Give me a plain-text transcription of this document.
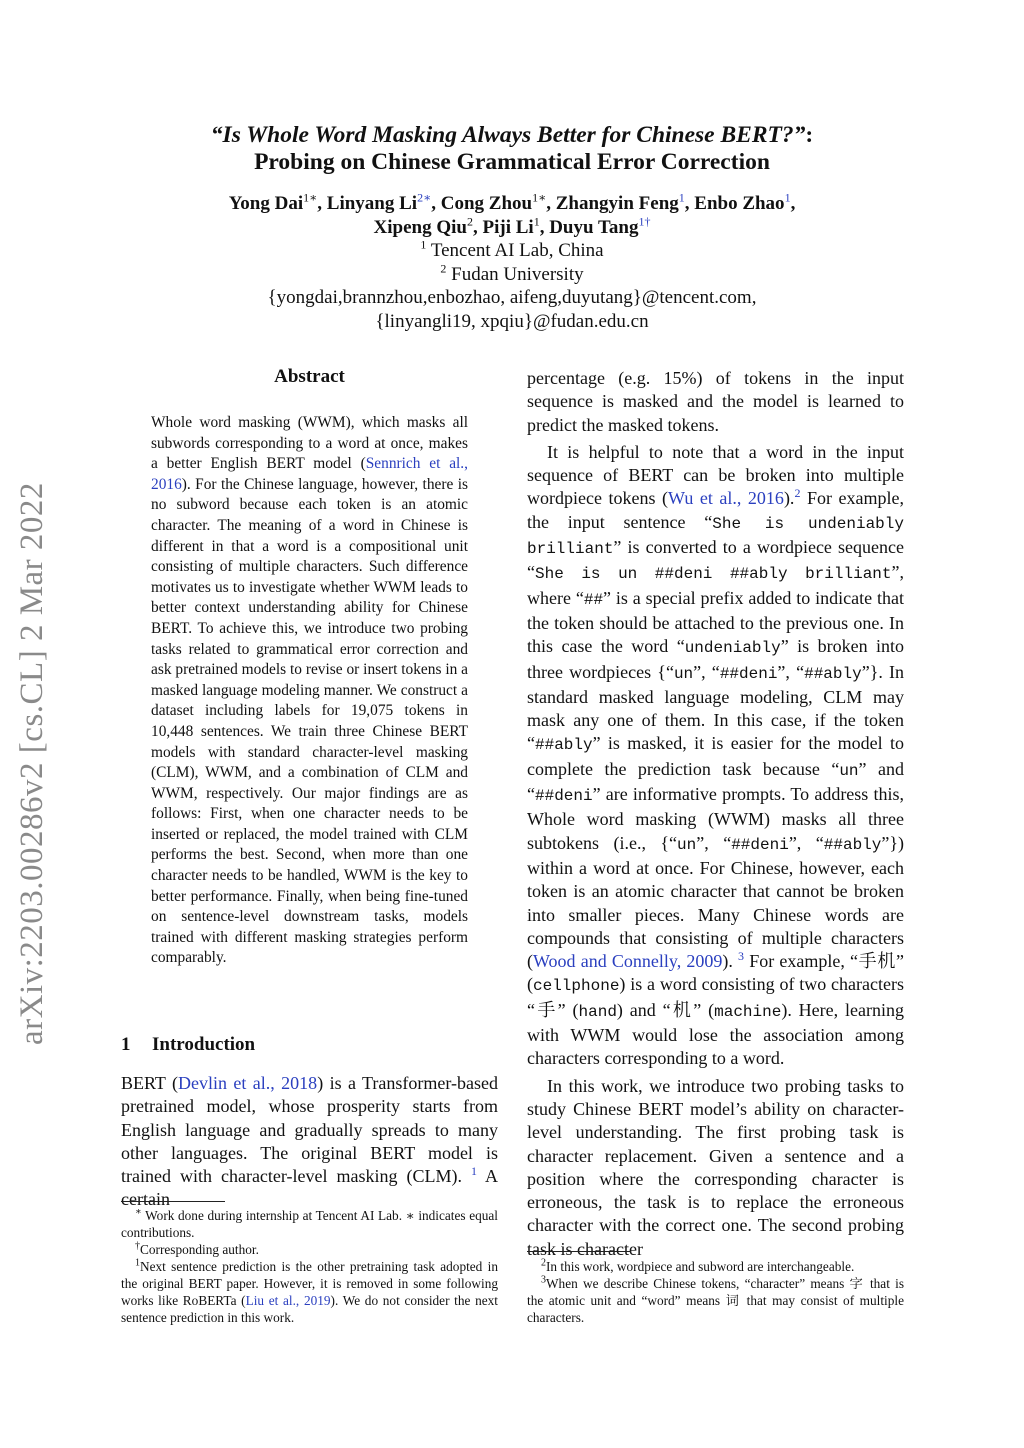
arXiv:2203.00286v2 [cs.CL] 2 Mar 2022
“Is Whole Word Masking Always Better for Chinese BERT?”:
Probing on Chinese Grammatical Error Correction
Yong Dai$^{1∗}$, Linyang $Li^{2∗}$, Cong Zhou$^{1∗}$, Zhangyin Feng$^1$, Enbo Zhao$^1$,
Xipeng Qiu$^2$, Piji Li$^1$, Duyu Tang$^{1\dagger}$
$^1$ Tencent AI Lab, China
$^2$ Fudan University
{yongdai,brannzhou,enbozhao, aifeng,duyutang}@tencent.com,
{linyangli19, xpqiu}@fudan.edu.cn
Abstract
Whole word masking (WWM), which masks all subwords corresponding to a word at once, makes a better English BERT model (Sennrich et al., 2016). For the Chinese language, however, there is no subword because each token is an atomic character. The meaning of a word in Chinese is different in that a word is a compositional unit consisting of multiple characters. Such difference motivates us to investigate whether WWM leads to better context understanding ability for Chinese BERT. To achieve this, we introduce two probing tasks related to grammatical error correction and ask pretrained models to revise or insert tokens in a masked language modeling manner. We construct a dataset including labels for 19,075 tokens in 10,448 sentences. We train three Chinese BERT models with standard character-level masking (CLM), WWM, and a combination of CLM and WWM, respectively. Our major findings are as follows: First, when one character needs to be inserted or replaced, the model trained with CLM performs the best. Second, when more than one character needs to be handled, WWM is the key to better performance. Finally, when being fine-tuned on sentence-level downstream tasks, models trained with different masking strategies perform comparably.
1 Introduction

BERT (Devlin et al., 2018) is a Transformer-based pretrained model, whose prosperity starts from English language and gradually spreads to many other languages. The original BERT model is trained with character-level masking (CLM). $^1$ A certain

∗ Work done during internship at Tencent AI Lab. ∗ indicates equal contributions.

†Corresponding author.

$^1$Next sentence prediction is the other pretraining task adopted in the original BERT paper. However, it is removed in some following works like RoBERTa (Liu et al., 2019). We do not consider the next sentence prediction in this work.

percentage (e.g. 15%) of tokens in the input sequence is masked and the model is learned to predict the masked tokens.

It is helpful to note that a word in the input sequence of BERT can be broken into multiple wordpiece tokens (Wu et al., 2016).$^2$ For example, the input sentence “She is undeniably brilliant” is converted to a wordpiece sequence “She is un ##deni ##ably brilliant”, where “##” is a special prefix added to indicate that the token should be attached to the previous one. In this case the word “undeniably” is broken into three wordpieces {“un”, “##deni”, “##ably”}. In standard masked language modeling, CLM may mask any one of them. In this case, if the token “##ably” is masked, it is easier for the model to complete the prediction task because “un” and “##deni” are informative prompts. To address this, Whole word masking (WWM) masks all three subtokens (i.e., {“un”, “##deni”, “##ably”}) within a word at once. For Chinese, however, each token is an atomic character that cannot be broken into smaller pieces. Many Chinese words are compounds that consisting of multiple characters (Wood and Connelly, 2009). $^3$ For example, “手机” (cellphone) is a word consisting of two characters “手” (hand) and “机” (machine). Here, learning with WWM would lose the association among characters corresponding to a word.

In this work, we introduce two probing tasks to study Chinese BERT model’s ability on character-level understanding. The first probing task is character replacement. Given a sentence and a position where the corresponding character is erroneous, the task is to replace the erroneous character with the correct one. The second probing task is character

$^2$In this work, wordpiece and subword are interchangeable.

$^3$When we describe Chinese tokens, “character” means 字 that is the atomic unit and “word” means 词 that may consist of multiple characters.
